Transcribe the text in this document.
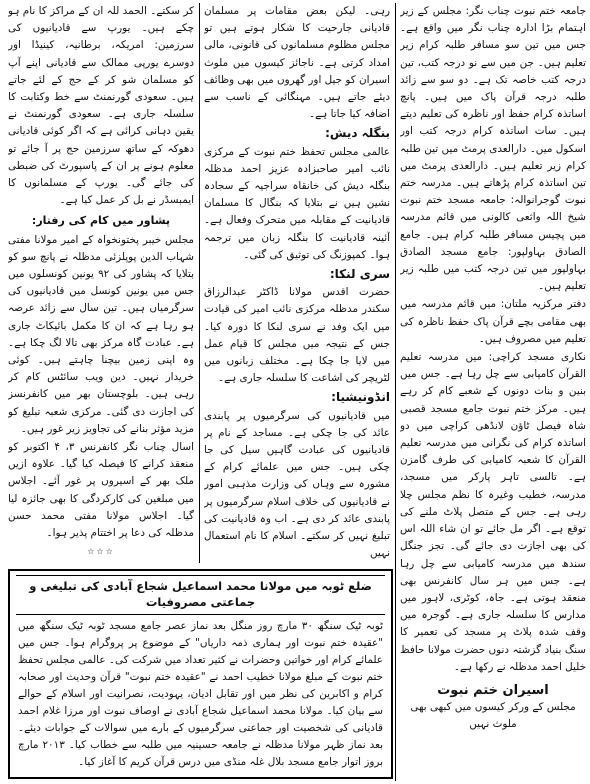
جامعہ ختم نبوت چناب نگر: مجلس کے زیر اہتمام بڑا ادارہ چناب نگر میں واقع ہے۔ جس میں تین سو مسافر طلبہ کرام زیر تعلیم ہیں۔ جن میں سے نو درجہ کتب، تین درجہ کتب خاصہ تک ہے۔ دو سو سے زائد طلبہ درجہ قرآن پاک میں ہیں۔ پانچ اساتذہ کرام حفظ اور ناظرہ کی تعلیم دیتے ہیں۔ سات اساتذہ کرام درجہ کتب اور اسکول میں۔ دارالعدی پرمٹ میں تین طلبہ کرام زیر تعلیم ہیں۔ دارالعدی پرمٹ میں تین اساتذہ کرام پڑھاتے ہیں۔ مدرسہ ختم نبوت گوجرانوالہ: جامعہ مسجد ختم نبوت شیخ اللہ واثعی کالونی میں قائم مدرسہ میں پچیس مسافر طلبہ کرام ہیں۔ جامع الصادق بہاولپور: جامع مسجد الصادق بہاولپور میں تین درجہ کتب میں طلبہ زیر تعلیم ہیں۔

دفتر مرکزیہ ملتان: میں قائم مدرسہ میں بھی مقامی بچے قرآن پاک حفظ ناظرہ کی تعلیم میں مصروف ہیں۔

نکاری مسجد کراچی: میں مدرسہ تعلیم القرآن کامیابی سے چل رہا ہے۔ جس میں بنین و بنات دونوں کے شعبے کام کر رہے ہیں۔ مرکز ختم نبوت جامع مسجد قصبی شاہ فیصل ٹاؤن لانڈھی کراچی میں دو اساتذہ کرام کی نگرانی میں مدرسہ تعلیم القرآن کا شعبہ کامیابی کی طرف گامزن ہے۔ تالسی تاہر پارکر میں مسجد، مدرسہ، خطیب وغیرہ کا نظم مجلس چلا رہی ہے۔ جس کے متصل پلاٹ ملنے کی توقع ہے۔ اگر مل جائے تو ان شاء اللہ اس کی بھی اجازت دی جائے گی۔ تجز جنگل سندھ میں مدرسہ کامیابی سے چل رہا ہے۔ جس میں ہر سال کانفرنس بھی منعقد ہوتی ہے۔ جاہ، کوٹری، لاہور میں مدارس کا سلسلہ جاری ہے۔ گوجرہ میں وقف شدہ پلاٹ پر مسجد کی تعمیر کا سنگ بنیاد گزشتہ دنوں حضرت مولانا حافظ خلیل احمد مدظلہ نے رکھا ہے۔

اسیران ختم نبوت
مجلس کے ورکر کیسوں میں کبھی بھی ملوث نہیں

رہی۔ لیکن بعض مقامات پر مسلمان قادیانی جارحیت کا شکار ہوتے ہیں تو مجلس مظلوم مسلمانوں کی قانونی، مالی امداد کرتی ہے۔ ناجائز کیسوں میں ملوث اسیران کو جیل اور گھروں میں بھی وظائف دیئے جاتے ہیں۔ مہنگائی کے ناسب سے اضافہ کیا جاتا ہے۔

بنگلہ دیش:

عالمی مجلس تحفظ ختم نبوت کے مرکزی نائب امیر صاحبزادہ عزیز احمد مدظلہ بنگلہ دیش کی خانقاہ سراجیہ کے سجادہ نشین ہیں نے بتلایا کہ بنگال کا مسلمان قادیانیت کے مقابلہ میں متحرک وفعال ہے۔ آئینہ قادیانیت کا بنگلہ زبان میں ترجمہ ہوا۔ کمپوزنگ کی توثیق کی گئی۔

سری لنکا:

حضرت اقدس مولانا ڈاکٹر عبدالرزاق سکندر مدظلہ مرکزی نائب امیر کی قیادت میں ایک وفد نے سری لنکا کا دورہ کیا۔ جس کے نتیجہ میں مجلس کا قیام عمل میں لایا جا چکا ہے۔ مختلف زبانوں میں لٹریچر کی اشاعت کا سلسلہ جاری ہے۔

انڈونیشیا:

میں قادیانیوں کی سرگرمیوں پر پابندی عائد کی جا چکی ہے۔ مساجد کے نام پر قادیانیوں کی عبادت گاہیں سیل کی جا چکی ہیں۔ جس میں علمائے کرام کے مشورہ سے وہاں کی وزارت مذہبی امور نے قادیانیوں کی خلاف اسلام سرگرمیوں پر پابندی عائد کر دی ہے۔ اب وہ قادیانیت کی تبلیغ نہیں کر سکتے۔ اسلام کا نام استعمال نہیں

کر سکتے۔ الحمد للہ ان کے مراکز کا نام ہو چکے ہیں۔ یورپ سے قادیانیوں کی سرزمین: امریکہ، برطانیہ، کینیڈا اور دوسرے یورپی ممالک سے قادیانی اپنے آپ کو مسلمان شو کر کے حج کے لئے جاتے ہیں۔ سعودی گورنمنٹ سے خط وکتابت کا سلسلہ جاری ہے۔ سعودی گورنمنٹ نے یقین دہانی کرائی ہے کہ اگر کوئی قادیانی دھوکہ کے ساتھ سرزمین حج پر آ جائے تو معلوم ہونے پر ان کے پاسپورٹ کی ضبطی کی جائے گی۔ یورپ کے مسلمانوں کا ایمبسڈر نے بل کر عمل کیا ہے۔

پشاور میں کام کی رفتار:

مجلس خیبر پختونخواہ کے امیر مولانا مفتی شہاب الدین پوپلزئی مدظلہ نے پانچ سو کو بتلایا کہ پشاور کی ۹۲ یونین کونسلوں میں جس میں یونین کونسل میں قادیانیوں کی سرگرمیاں ہیں۔ تین سال سے زائد عرصہ ہو رہا ہے کہ ان کا مکمل بائیکاٹ جاری ہے۔ عبادت گاہ مرکز بھی تالا لگ چکا ہے۔ وہ اپنی زمین بیچنا چاہتے ہیں۔ کوئی خریدار نہیں۔ دین ویب سائٹس کام کر رہی ہیں۔ بلوچستان بھر میں کانفرنسز کی اجازت دی گئی۔ مرکزی شعبہ تبلیغ کو مزید مؤثر بنانے کی تجاویز زیر غور ہیں۔

اسال چناب نگر کانفرنس ۳، ۴ اکتوبر کو منعقد کرانے کا فیصلہ کیا گیا۔ علاوہ ازیں ملک بھر کے اسیروں پر غور آئے۔ اجلاس میں مبلغین کی کارکردگی کا بھی جائزہ لیا گیا۔ اجلاس مولانا مفتی محمد حسن مدظلہ کی دعا پر اختتام پذیر ہوا۔

☆☆☆
ضلع ٹوبہ میں مولانا محمد اسماعیل شجاع آبادی کی تبلیغی و جماعتی مصروفیات
ٹوبہ ٹیک سنگھ ۳۰ مارچ روز منگل بعد نماز عصر جامع مسجد ٹوبہ ٹیک سنگھ میں "عقیدہ ختم نبوت اور ہماری ذمہ داریاں" کے موضوع پر پروگرام ہوا۔ جس میں علمائے کرام اور خواتین وحضرات نے کثیر تعداد میں شرکت کی۔ عالمی مجلس تحفظ ختم نبوت کے مبلغ مولانا خطیب احمد نے "عقیدہ ختم نبوت" قرآن وحدیث اور صحابہ کرام و اکابرین کی نظر میں اور تقابل ادیان، یہودیت، نصرانیت اور اسلام کے حوالے سے بیان کیا۔ مولانا محمد اسماعیل شجاع آبادی نے اوصاف نبوت اور مرزا غلام احمد قادیانی کی شخصیت اور جماعتی سرگرمیوں کے بارے میں سوالات کے جوابات دیئے۔ بعد نماز ظہر مولانا مدظلہ نے جامعہ حسینیہ میں طلبہ سے خطاب کیا۔ ۲۰۱۳ مارچ بروز اتوار جامع مسجد بلال غلہ منڈی میں درس قرآن کریم کا آغاز کیا۔
